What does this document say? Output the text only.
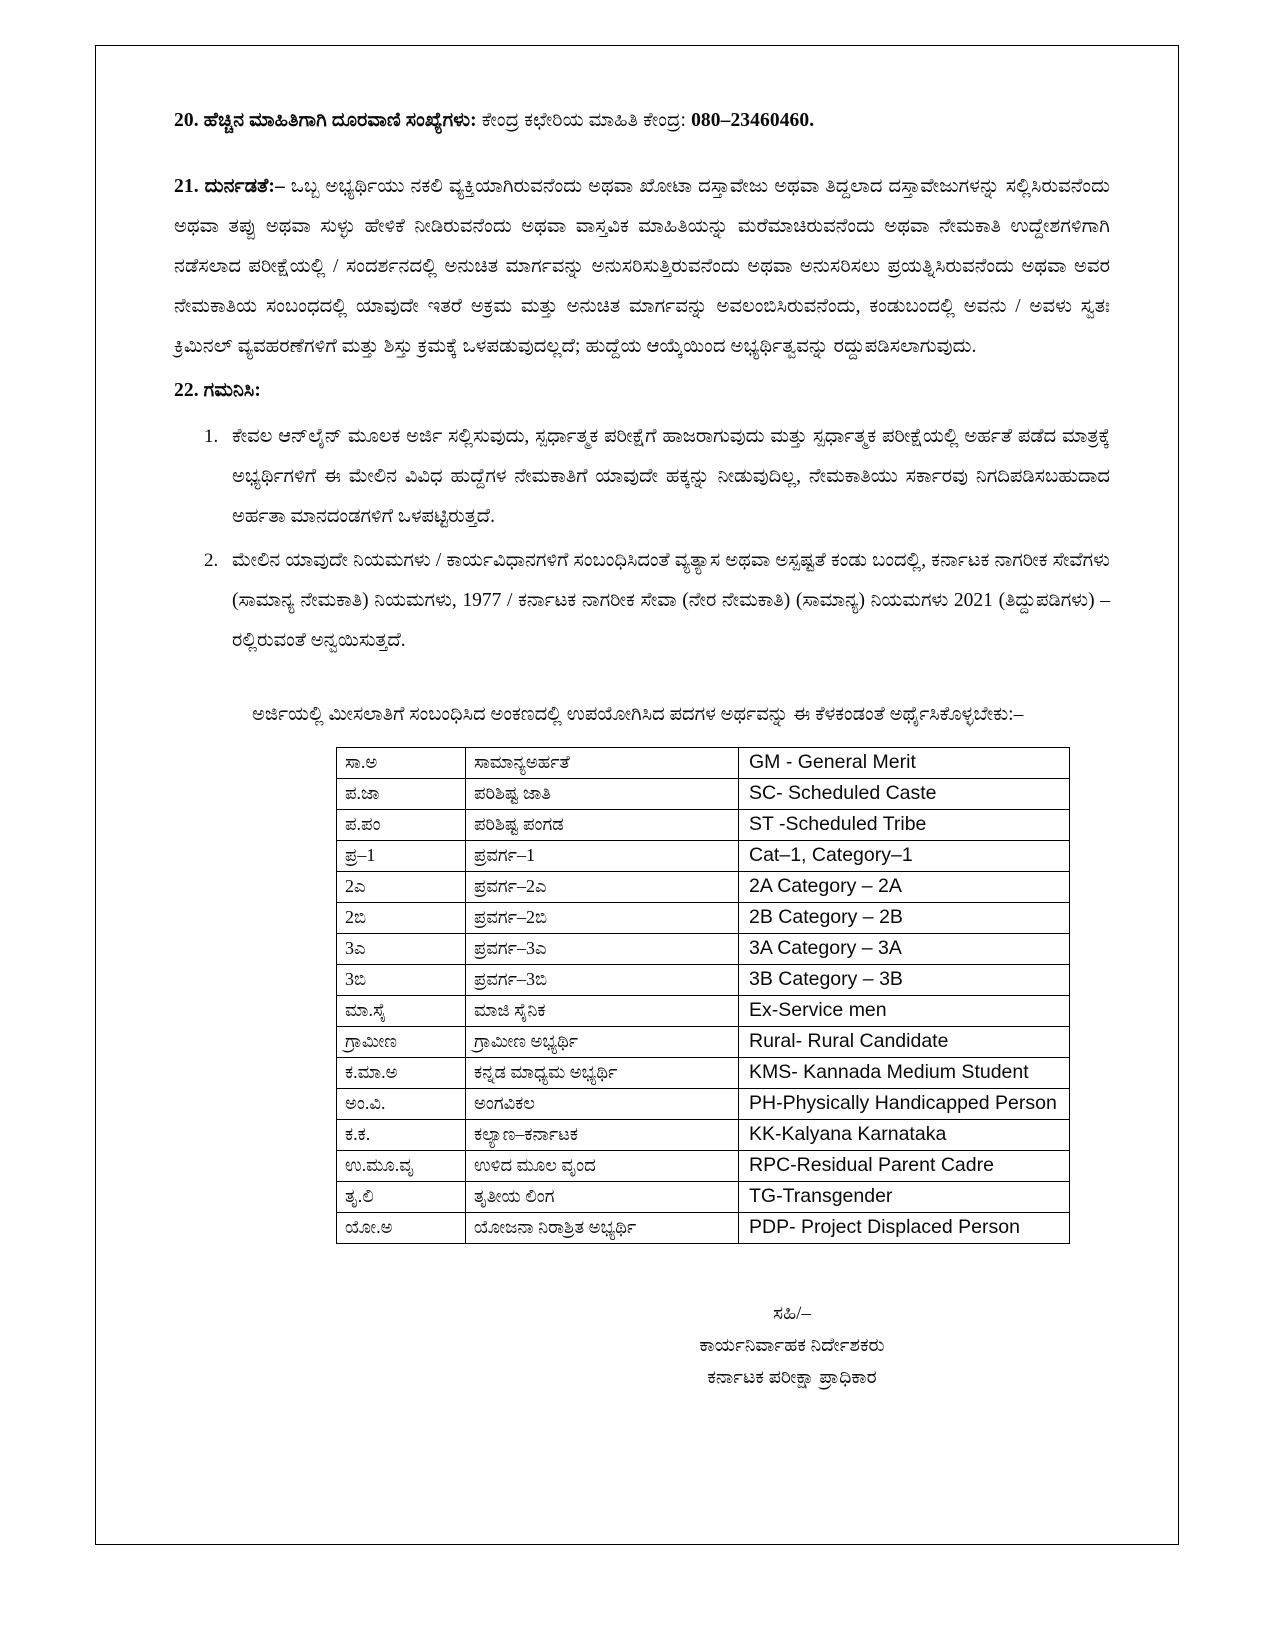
20. ಹೆಚ್ಚಿನ ಮಾಹಿತಿಗಾಗಿ ದೂರವಾಣಿ ಸಂಖ್ಯೆಗಳು: ಕೇಂದ್ರ ಕಛೇರಿಯ ಮಾಹಿತಿ ಕೇಂದ್ರ: 080–23460460.

21. ದುರ್ನಡತೆ:– ಒಬ್ಬ ಅಭ್ಯರ್ಥಿಯು ನಕಲಿ ವ್ಯಕ್ತಿಯಾಗಿರುವನೆಂದು ಅಥವಾ ಖೋಟಾ ದಸ್ತಾವೇಜು ಅಥವಾ ತಿದ್ದಲಾದ ದಸ್ತಾವೇಜುಗಳನ್ನು ಸಲ್ಲಿಸಿರುವನೆಂದು ಅಥವಾ ತಪ್ಪು ಅಥವಾ ಸುಳ್ಳು ಹೇಳಿಕೆ ನೀಡಿರುವನೆಂದು ಅಥವಾ ವಾಸ್ತವಿಕ ಮಾಹಿತಿಯನ್ನು ಮರೆಮಾಚಿರುವನೆಂದು ಅಥವಾ ನೇಮಕಾತಿ ಉದ್ದೇಶಗಳಿಗಾಗಿ ನಡೆಸಲಾದ ಪರೀಕ್ಷೆಯಲ್ಲಿ / ಸಂದರ್ಶನದಲ್ಲಿ ಅನುಚಿತ ಮಾರ್ಗವನ್ನು ಅನುಸರಿಸುತ್ತಿರುವನೆಂದು ಅಥವಾ ಅನುಸರಿಸಲು ಪ್ರಯತ್ನಿಸಿರುವನೆಂದು ಅಥವಾ ಅವರ ನೇಮಕಾತಿಯ ಸಂಬಂಧದಲ್ಲಿ ಯಾವುದೇ ಇತರೆ ಅಕ್ರಮ ಮತ್ತು ಅನುಚಿತ ಮಾರ್ಗವನ್ನು ಅವಲಂಬಿಸಿರುವನೆಂದು, ಕಂಡುಬಂದಲ್ಲಿ ಅವನು / ಅವಳು ಸ್ವತಃ ಕ್ರಿಮಿನಲ್ ವ್ಯವಹರಣೆಗಳಿಗೆ ಮತ್ತು ಶಿಸ್ತು ಕ್ರಮಕ್ಕೆ ಒಳಪಡುವುದಲ್ಲದೆ; ಹುದ್ದೆಯ ಆಯ್ಕೆಯಿಂದ ಅಭ್ಯರ್ಥಿತ್ವವನ್ನು ರದ್ದುಪಡಿಸಲಾಗುವುದು.

22. ಗಮನಿಸಿ:

ಕೇವಲ ಆನ್‌ಲೈನ್ ಮೂಲಕ ಅರ್ಜಿ ಸಲ್ಲಿಸುವುದು, ಸ್ಪರ್ಧಾತ್ಮಕ ಪರೀಕ್ಷೆಗೆ ಹಾಜರಾಗುವುದು ಮತ್ತು ಸ್ಪರ್ಧಾತ್ಮಕ ಪರೀಕ್ಷೆಯಲ್ಲಿ ಅರ್ಹತೆ ಪಡೆದ ಮಾತ್ರಕ್ಕೆ ಅಭ್ಯರ್ಥಿಗಳಿಗೆ ಈ ಮೇಲಿನ ವಿವಿಧ ಹುದ್ದೆಗಳ ನೇಮಕಾತಿಗೆ ಯಾವುದೇ ಹಕ್ಕನ್ನು ನೀಡುವುದಿಲ್ಲ, ನೇಮಕಾತಿಯು ಸರ್ಕಾರವು ನಿಗದಿಪಡಿಸಬಹುದಾದ ಅರ್ಹತಾ ಮಾನದಂಡಗಳಿಗೆ ಒಳಪಟ್ಟಿರುತ್ತದೆ.
ಮೇಲಿನ ಯಾವುದೇ ನಿಯಮಗಳು / ಕಾರ್ಯವಿಧಾನಗಳಿಗೆ ಸಂಬಂಧಿಸಿದಂತೆ ವ್ಯತ್ಯಾಸ ಅಥವಾ ಅಸ್ಪಷ್ಟತೆ ಕಂಡು ಬಂದಲ್ಲಿ, ಕರ್ನಾಟಕ ನಾಗರೀಕ ಸೇವೆಗಳು (ಸಾಮಾನ್ಯ ನೇಮಕಾತಿ) ನಿಯಮಗಳು, 1977 / ಕರ್ನಾಟಕ ನಾಗರೀಕ ಸೇವಾ (ನೇರ ನೇಮಕಾತಿ) (ಸಾಮಾನ್ಯ) ನಿಯಮಗಳು 2021 (ತಿದ್ದುಪಡಿಗಳು) – ರಲ್ಲಿರುವಂತೆ ಅನ್ವಯಿಸುತ್ತದೆ.

ಅರ್ಜಿಯಲ್ಲಿ ಮೀಸಲಾತಿಗೆ ಸಂಬಂಧಿಸಿದ ಅಂಕಣದಲ್ಲಿ ಉಪಯೋಗಿಸಿದ ಪದಗಳ ಅರ್ಥವನ್ನು ಈ ಕೆಳಕಂಡಂತೆ ಅರ್ಥೈಸಿಕೊಳ್ಳಬೇಕು:–

ಸಾ.ಅ	ಸಾಮಾನ್ಯಅರ್ಹತೆ	GM - General Merit
ಪ.ಜಾ	ಪರಿಶಿಷ್ಟ ಜಾತಿ	SC- Scheduled Caste
ಪ.ಪಂ	ಪರಿಶಿಷ್ಟ ಪಂಗಡ	ST -Scheduled Tribe
ಪ್ರ–1	ಪ್ರವರ್ಗ–1	Cat–1, Category–1
2ಎ	ಪ್ರವರ್ಗ–2ಎ	2A Category – 2A
2ಬಿ	ಪ್ರವರ್ಗ–2ಬಿ	2B Category – 2B
3ಎ	ಪ್ರವರ್ಗ–3ಎ	3A Category – 3A
3ಬಿ	ಪ್ರವರ್ಗ–3ಬಿ	3B Category – 3B
ಮಾ.ಸೈ	ಮಾಜಿ ಸೈನಿಕ	Ex-Service men
ಗ್ರಾಮೀಣ	ಗ್ರಾಮೀಣ ಅಭ್ಯರ್ಥಿ	Rural- Rural Candidate
ಕ.ಮಾ.ಅ	ಕನ್ನಡ ಮಾಧ್ಯಮ ಅಭ್ಯರ್ಥಿ	KMS- Kannada Medium Student
ಅಂ.ವಿ.	ಅಂಗವಿಕಲ	PH-Physically Handicapped Person
ಕ.ಕ.	ಕಲ್ಯಾಣ–ಕರ್ನಾಟಕ	KK-Kalyana Karnataka
ಉ.ಮೂ.ವೃ	ಉಳಿದ ಮೂಲ ವೃಂದ	RPC-Residual Parent Cadre
ತೃ.ಲಿ	ತೃತೀಯ ಲಿಂಗ	TG-Transgender
ಯೋ.ಅ	ಯೋಜನಾ ನಿರಾಶ್ರಿತ ಅಭ್ಯರ್ಥಿ	PDP- Project Displaced Person
ಸಹಿ/–
ಕಾರ್ಯನಿರ್ವಾಹಕ ನಿರ್ದೇಶಕರು
ಕರ್ನಾಟಕ ಪರೀಕ್ಷಾ ಪ್ರಾಧಿಕಾರ
